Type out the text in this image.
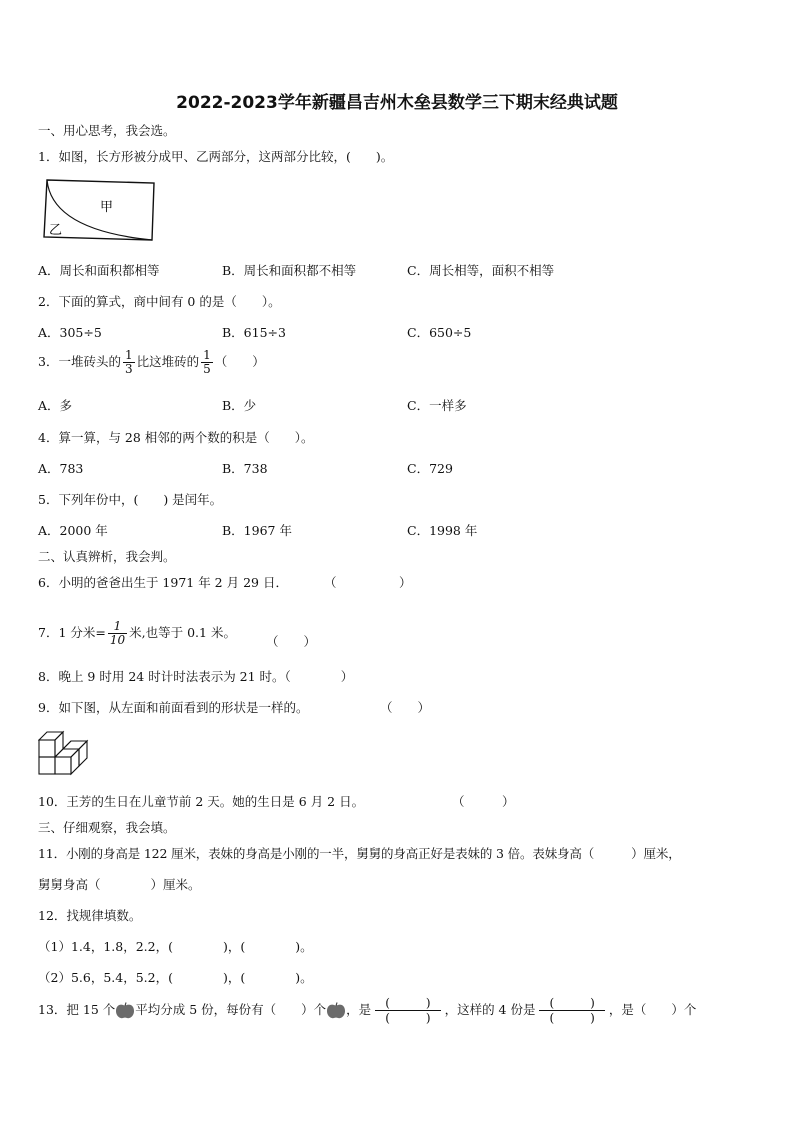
2022-2023学年新疆昌吉州木垒县数学三下期末经典试题
一、用心思考，我会选。
1．如图，长方形被分成甲、乙两部分，这两部分比较，(　　)。
甲
乙
A．周长和面积都相等	B．周长和面积都不相等	C．周长相等，面积不相等
2．下面的算式，商中间有 0 的是（　　）。
A．305÷5	B．615÷3	C．650÷5
3．一堆砖头的 $\frac{1}{3}$ 比这堆砖的 $\frac{1}{5}$ （　　）
A．多	B．少	C．一样多
4．算一算，与 28 相邻的两个数的积是（　　）。
A．783	B．738	C．729
5．下列年份中，(　　) 是闰年。
A．2000 年	B．1967 年	C．1998 年
二、认真辨析，我会判。
6．小明的爸爸出生于 1971 年 2 月 29 日．	（　　　　　）
7．1 分米= $\frac{1}{10}$ 米,也等于 0.1 米。
（　　）
8．晚上 9 时用 24 时计时法表示为 21 时。（　　　　）
9．如下图，从左面和前面看到的形状是一样的。	（　　）
10．王芳的生日在儿童节前 2 天。她的生日是 6 月 2 日。	（　　　）
三、仔细观察，我会填。
11．小刚的身高是 122 厘米，表妹的身高是小刚的一半，舅舅的身高正好是表妹的 3 倍。表妹身高（　　　）厘米，
舅舅身高（　　　　）厘米。
12．找规律填数。
（1）1.4，1.8，2.2，(　　　　)，(　　　　)。
（2）5.6，5.4，5.2，(　　　　)，(　　　　)。
13．把 15 个 平均分成 5 份，每份有（　　）个 ，是	(　　　)
(　　　)
，这样的 4 份是	(　　　)
(　　　)
，是（　　）个
